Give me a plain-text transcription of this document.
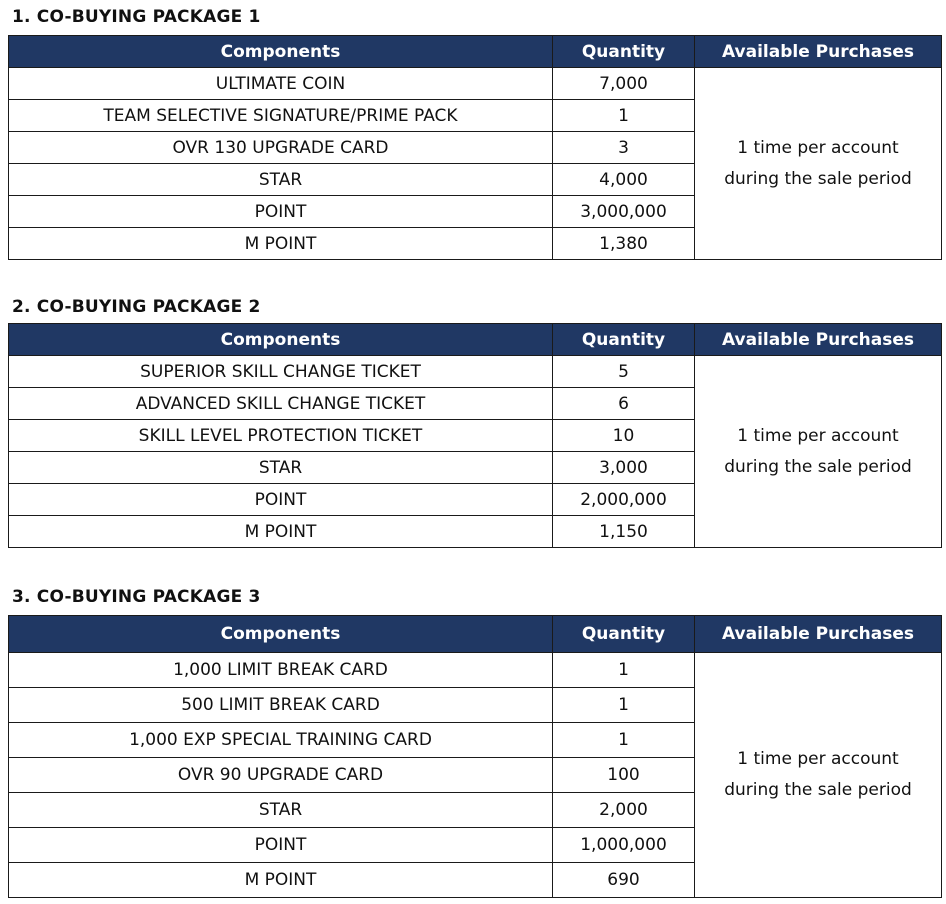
1. CO-BUYING PACKAGE 1
Components	Quantity	Available Purchases
ULTIMATE COIN	7,000	1 time per account
during the sale period
TEAM SELECTIVE SIGNATURE/PRIME PACK	1	
OVR 130 UPGRADE CARD	3	
STAR	4,000	
POINT	3,000,000	
M POINT	1,380	
2. CO-BUYING PACKAGE 2
Components	Quantity	Available Purchases
SUPERIOR SKILL CHANGE TICKET	5	1 time per account
during the sale period
ADVANCED SKILL CHANGE TICKET	6	
SKILL LEVEL PROTECTION TICKET	10	
STAR	3,000	
POINT	2,000,000	
M POINT	1,150	
3. CO-BUYING PACKAGE 3
Components	Quantity	Available Purchases
1,000 LIMIT BREAK CARD	1	1 time per account
during the sale period
500 LIMIT BREAK CARD	1	
1,000 EXP SPECIAL TRAINING CARD	1	
OVR 90 UPGRADE CARD	100	
STAR	2,000	
POINT	1,000,000	
M POINT	690	
